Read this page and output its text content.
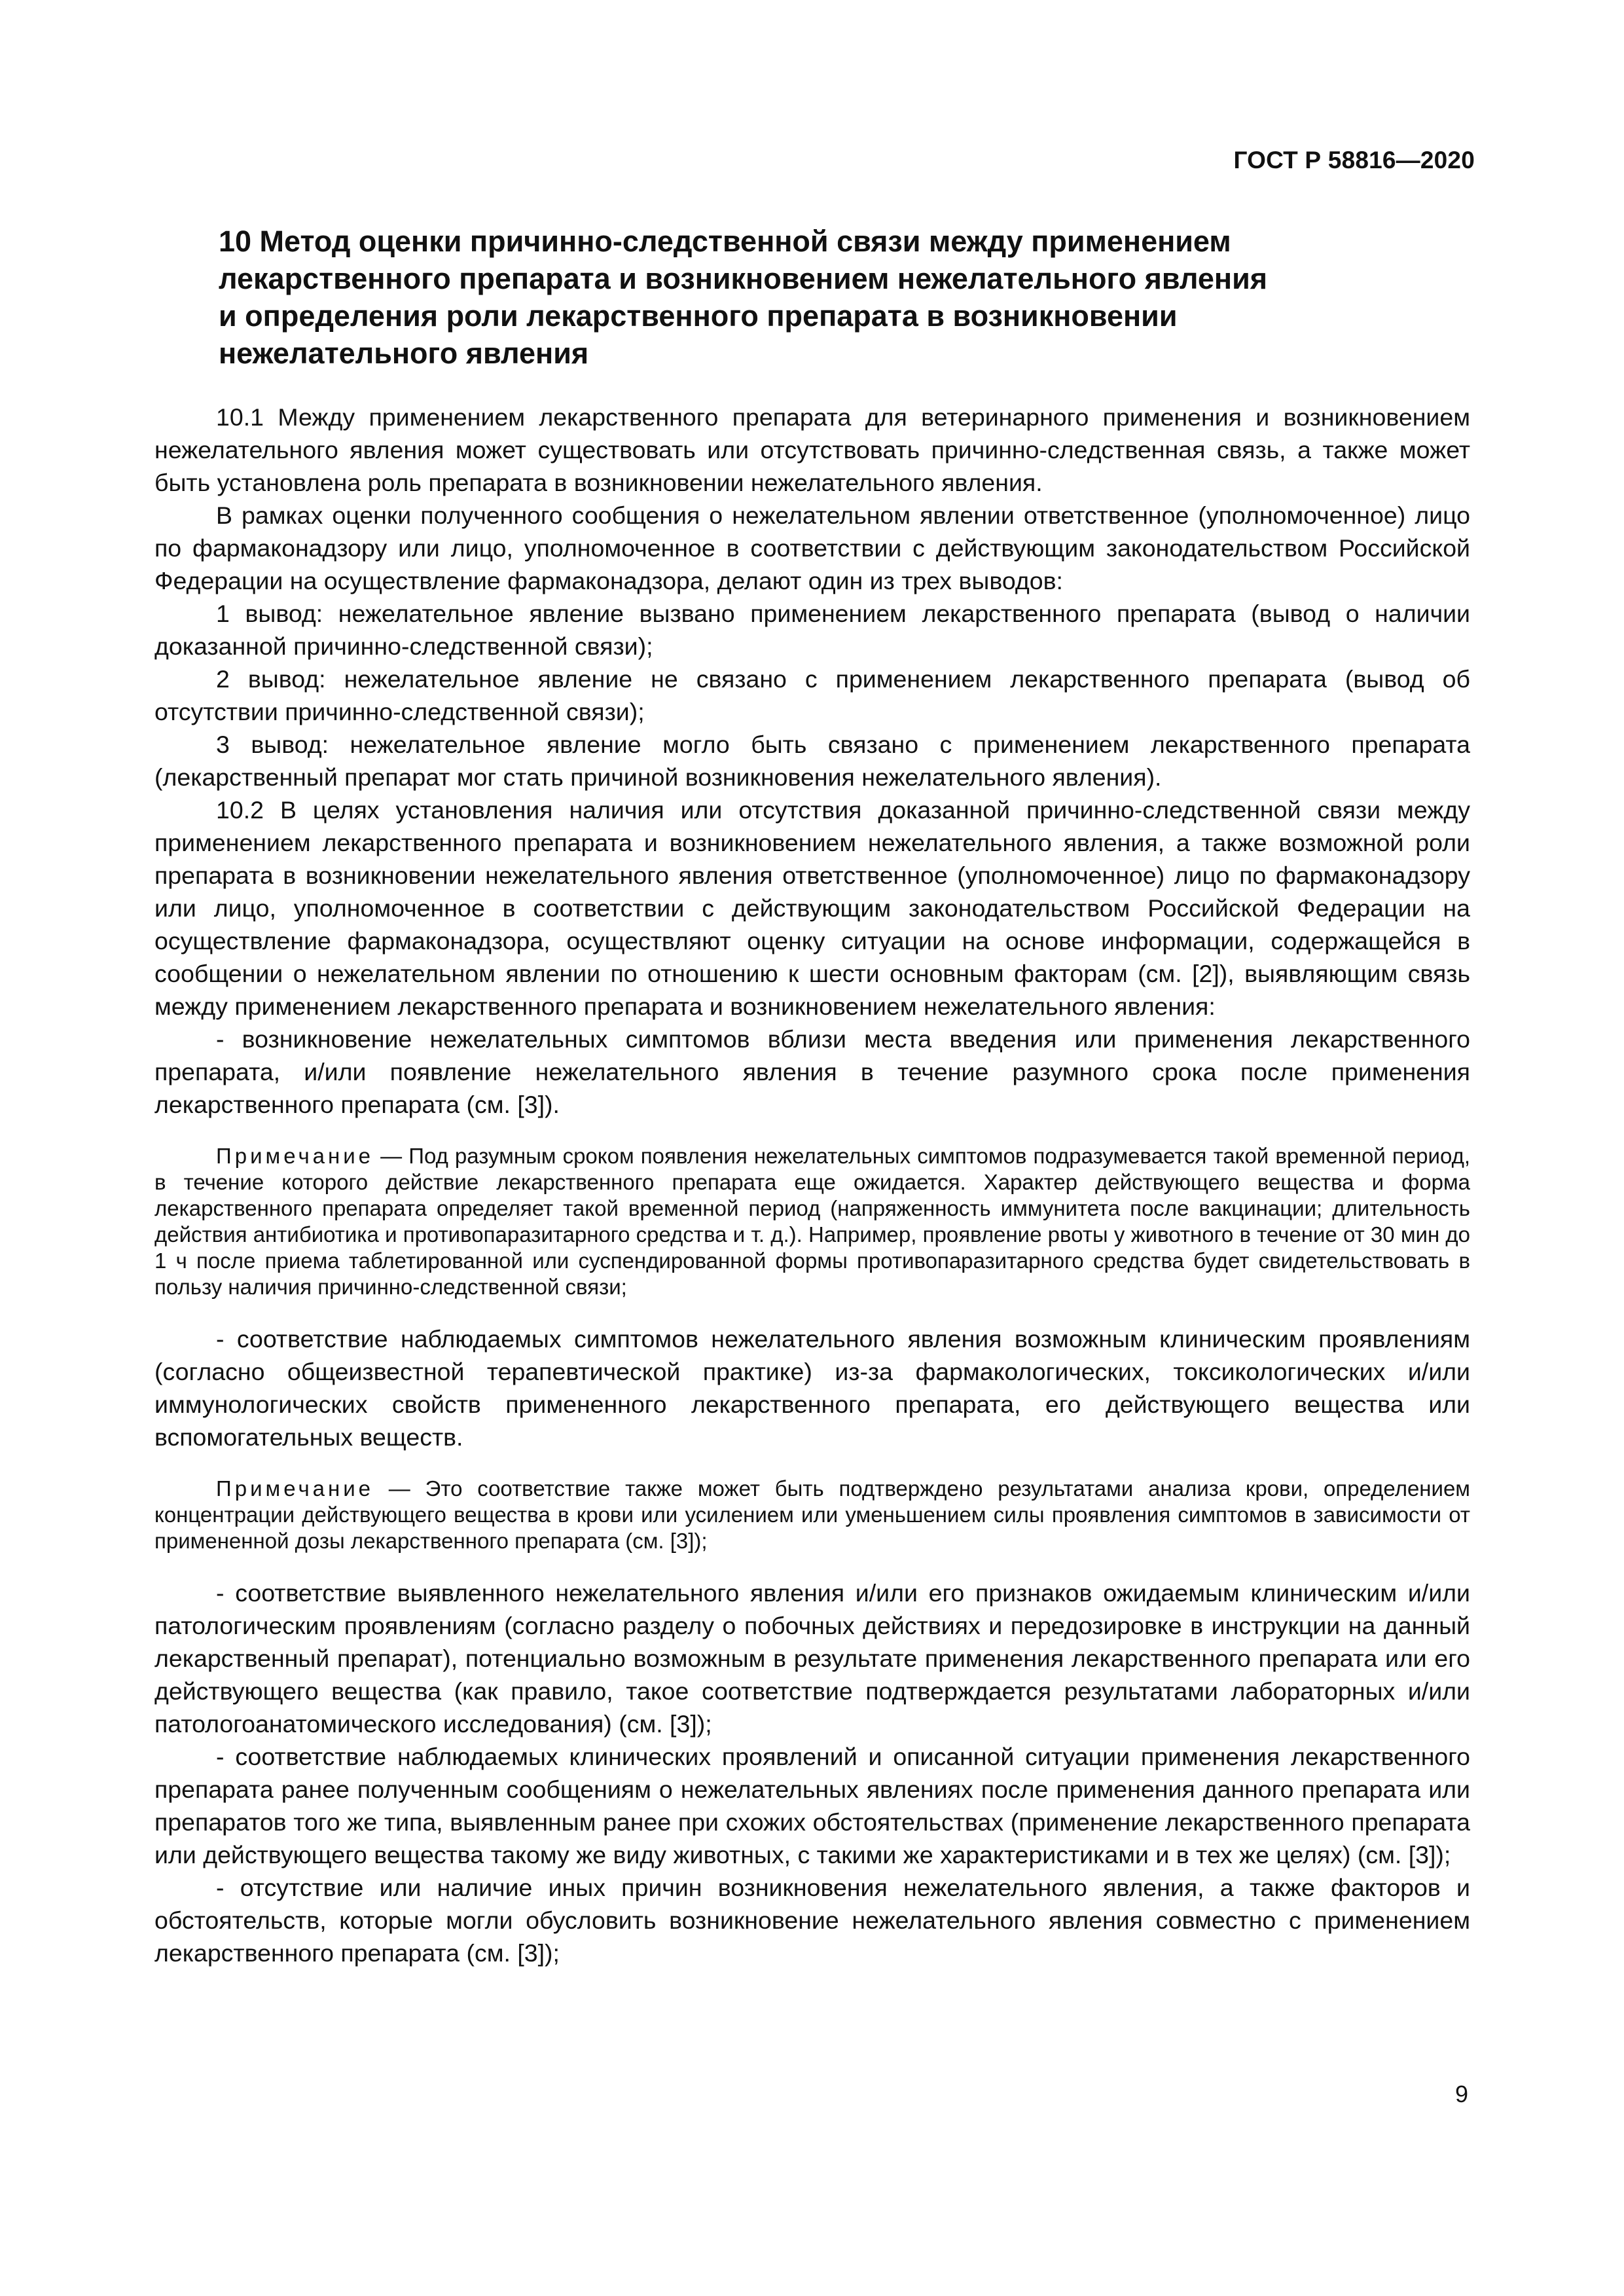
ГОСТ Р 58816—2020
10 Метод оценки причинно-следственной связи между применением
лекарственного препарата и возникновением нежелательного явления
и определения роли лекарственного препарата в возникновении
нежелательного явления

10.1 Между применением лекарственного препарата для ветеринарного применения и возникновением нежелательного явления может существовать или отсутствовать причинно-следственная связь, а также может быть установлена роль препарата в возникновении нежелательного явления.

В рамках оценки полученного сообщения о нежелательном явлении ответственное (уполномоченное) лицо по фармаконадзору или лицо, уполномоченное в соответствии с действующим законодательством Российской Федерации на осуществление фармаконадзора, делают один из трех выводов:

1 вывод: нежелательное явление вызвано применением лекарственного препарата (вывод о наличии доказанной причинно-следственной связи);

2 вывод: нежелательное явление не связано с применением лекарственного препарата (вывод об отсутствии причинно-следственной связи);

3 вывод: нежелательное явление могло быть связано с применением лекарственного препарата (лекарственный препарат мог стать причиной возникновения нежелательного явления).

10.2 В целях установления наличия или отсутствия доказанной причинно-следственной связи между применением лекарственного препарата и возникновением нежелательного явления, а также возможной роли препарата в возникновении нежелательного явления ответственное (уполномоченное) лицо по фармаконадзору или лицо, уполномоченное в соответствии с действующим законодательством Российской Федерации на осуществление фармаконадзора, осуществляют оценку ситуации на основе информации, содержащейся в сообщении о нежелательном явлении по отношению к шести основным факторам (см. [2]), выявляющим связь между применением лекарственного препарата и возникновением нежелательного явления:

- возникновение нежелательных симптомов вблизи места введения или применения лекарственного препарата, и/или появление нежелательного явления в течение разумного срока после применения лекарственного препарата (см. [3]).

Примечание — Под разумным сроком появления нежелательных симптомов подразумевается такой временной период, в течение которого действие лекарственного препарата еще ожидается. Характер действующего вещества и форма лекарственного препарата определяет такой временной период (напряженность иммунитета после вакцинации; длительность действия антибиотика и противопаразитарного средства и т. д.). Например, проявление рвоты у животного в течение от 30 мин до 1 ч после приема таблетированной или суспендированной формы противопаразитарного средства будет свидетельствовать в пользу наличия причинно-следственной связи;

- соответствие наблюдаемых симптомов нежелательного явления возможным клиническим проявлениям (согласно общеизвестной терапевтической практике) из-за фармакологических, токсикологических и/или иммунологических свойств примененного лекарственного препарата, его действующего вещества или вспомогательных веществ.

Примечание — Это соответствие также может быть подтверждено результатами анализа крови, определением концентрации действующего вещества в крови или усилением или уменьшением силы проявления симптомов в зависимости от примененной дозы лекарственного препарата (см. [3]);

- соответствие выявленного нежелательного явления и/или его признаков ожидаемым клиническим и/или патологическим проявлениям (согласно разделу о побочных действиях и передозировке в инструкции на данный лекарственный препарат), потенциально возможным в результате применения лекарственного препарата или его действующего вещества (как правило, такое соответствие подтверждается результатами лабораторных и/или патологоанатомического исследования) (см. [3]);

- соответствие наблюдаемых клинических проявлений и описанной ситуации применения лекарственного препарата ранее полученным сообщениям о нежелательных явлениях после применения данного препарата или препаратов того же типа, выявленным ранее при схожих обстоятельствах (применение лекарственного препарата или действующего вещества такому же виду животных, с такими же характеристиками и в тех же целях) (см. [3]);

- отсутствие или наличие иных причин возникновения нежелательного явления, а также факторов и обстоятельств, которые могли обусловить возникновение нежелательного явления совместно с применением лекарственного препарата (см. [3]);

9
